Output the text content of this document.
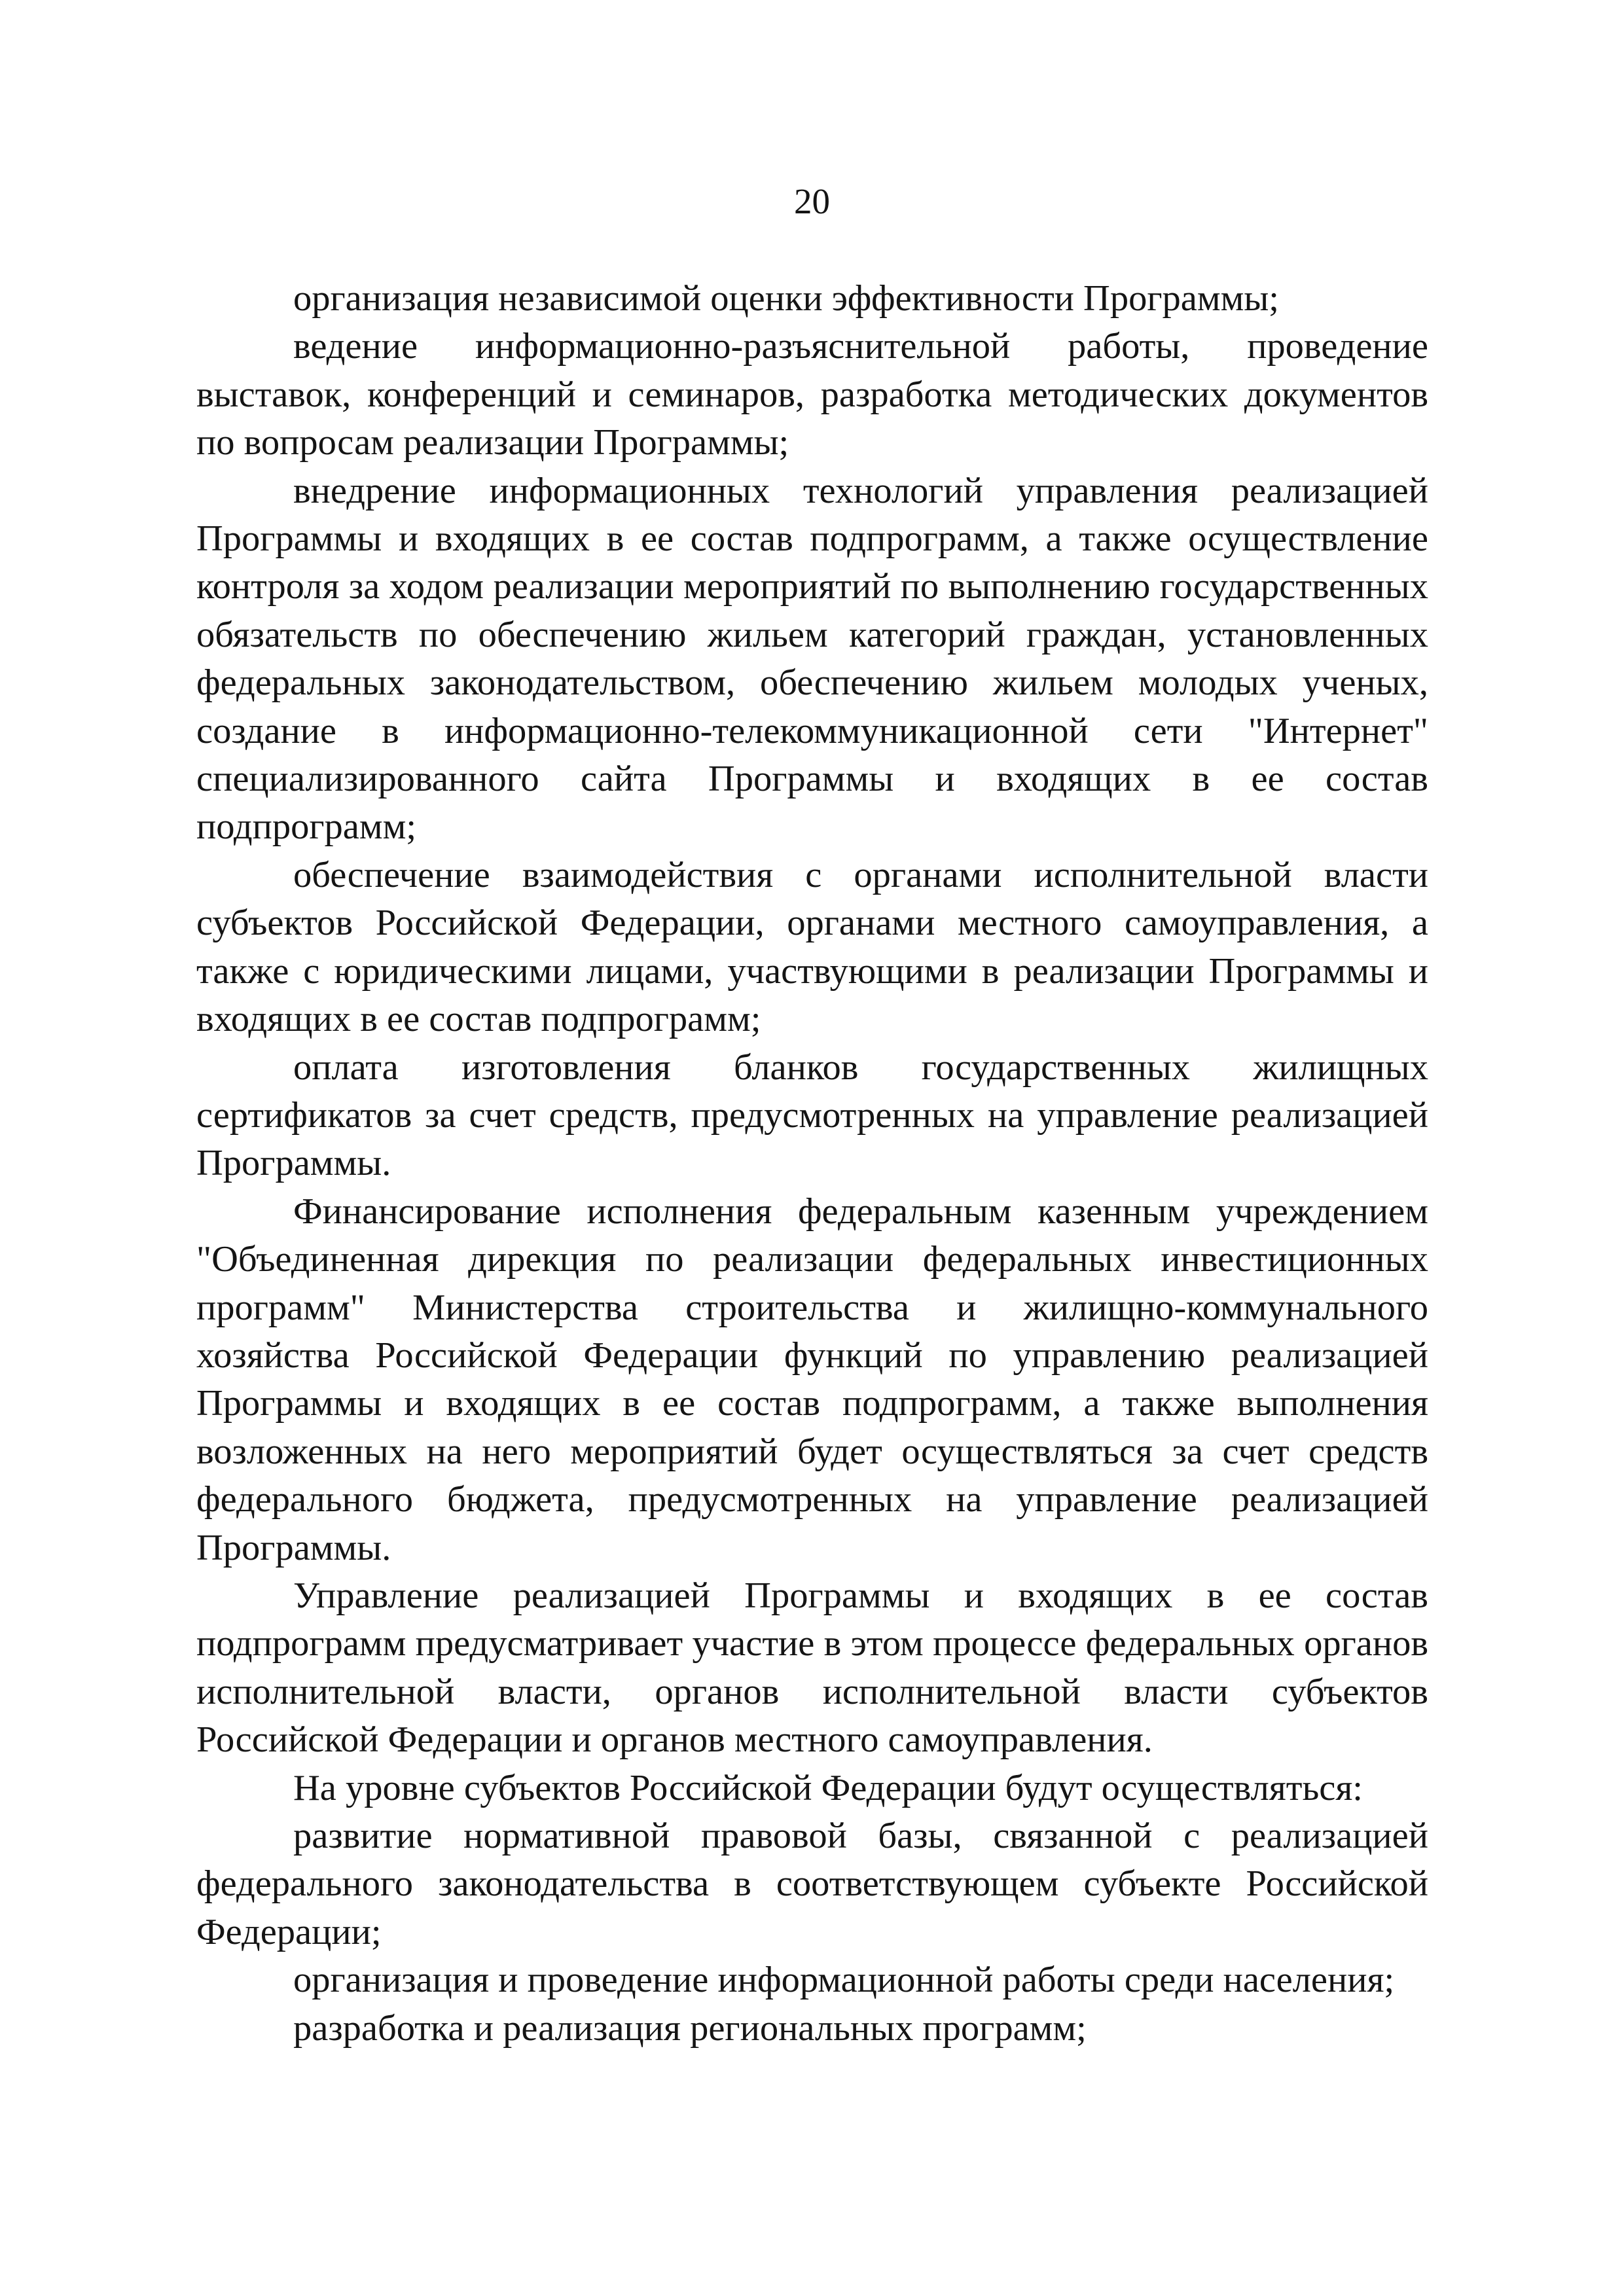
20

организация независимой оценки эффективности Программы;

ведение информационно-разъяснительной работы, проведение выставок, конференций и семинаров, разработка методических документов по вопросам реализации Программы;

внедрение информационных технологий управления реализацией Программы и входящих в ее состав подпрограмм, а также осуществление контроля за ходом реализации мероприятий по выполнению государственных обязательств по обеспечению жильем категорий граждан, установленных федеральных законодательством, обеспечению жильем молодых ученых, создание в информационно-телекоммуникационной сети "Интернет" специализированного сайта Программы и входящих в ее состав подпрограмм;

обеспечение взаимодействия с органами исполнительной власти субъектов Российской Федерации, органами местного самоуправления, а также с юридическими лицами, участвующими в реализации Программы и входящих в ее состав подпрограмм;

оплата изготовления бланков государственных жилищных сертификатов за счет средств, предусмотренных на управление реализацией Программы.

Финансирование исполнения федеральным казенным учреждением "Объединенная дирекция по реализации федеральных инвестиционных программ" Министерства строительства и жилищно-коммунального хозяйства Российской Федерации функций по управлению реализацией Программы и входящих в ее состав подпрограмм, а также выполнения возложенных на него мероприятий будет осуществляться за счет средств федерального бюджета, предусмотренных на управление реализацией Программы.

Управление реализацией Программы и входящих в ее состав подпрограмм предусматривает участие в этом процессе федеральных органов исполнительной власти, органов исполнительной власти субъектов Российской Федерации и органов местного самоуправления.

На уровне субъектов Российской Федерации будут осуществляться:

развитие нормативной правовой базы, связанной с реализацией федерального законодательства в соответствующем субъекте Российской Федерации;

организация и проведение информационной работы среди населения;

разработка и реализация региональных программ;
